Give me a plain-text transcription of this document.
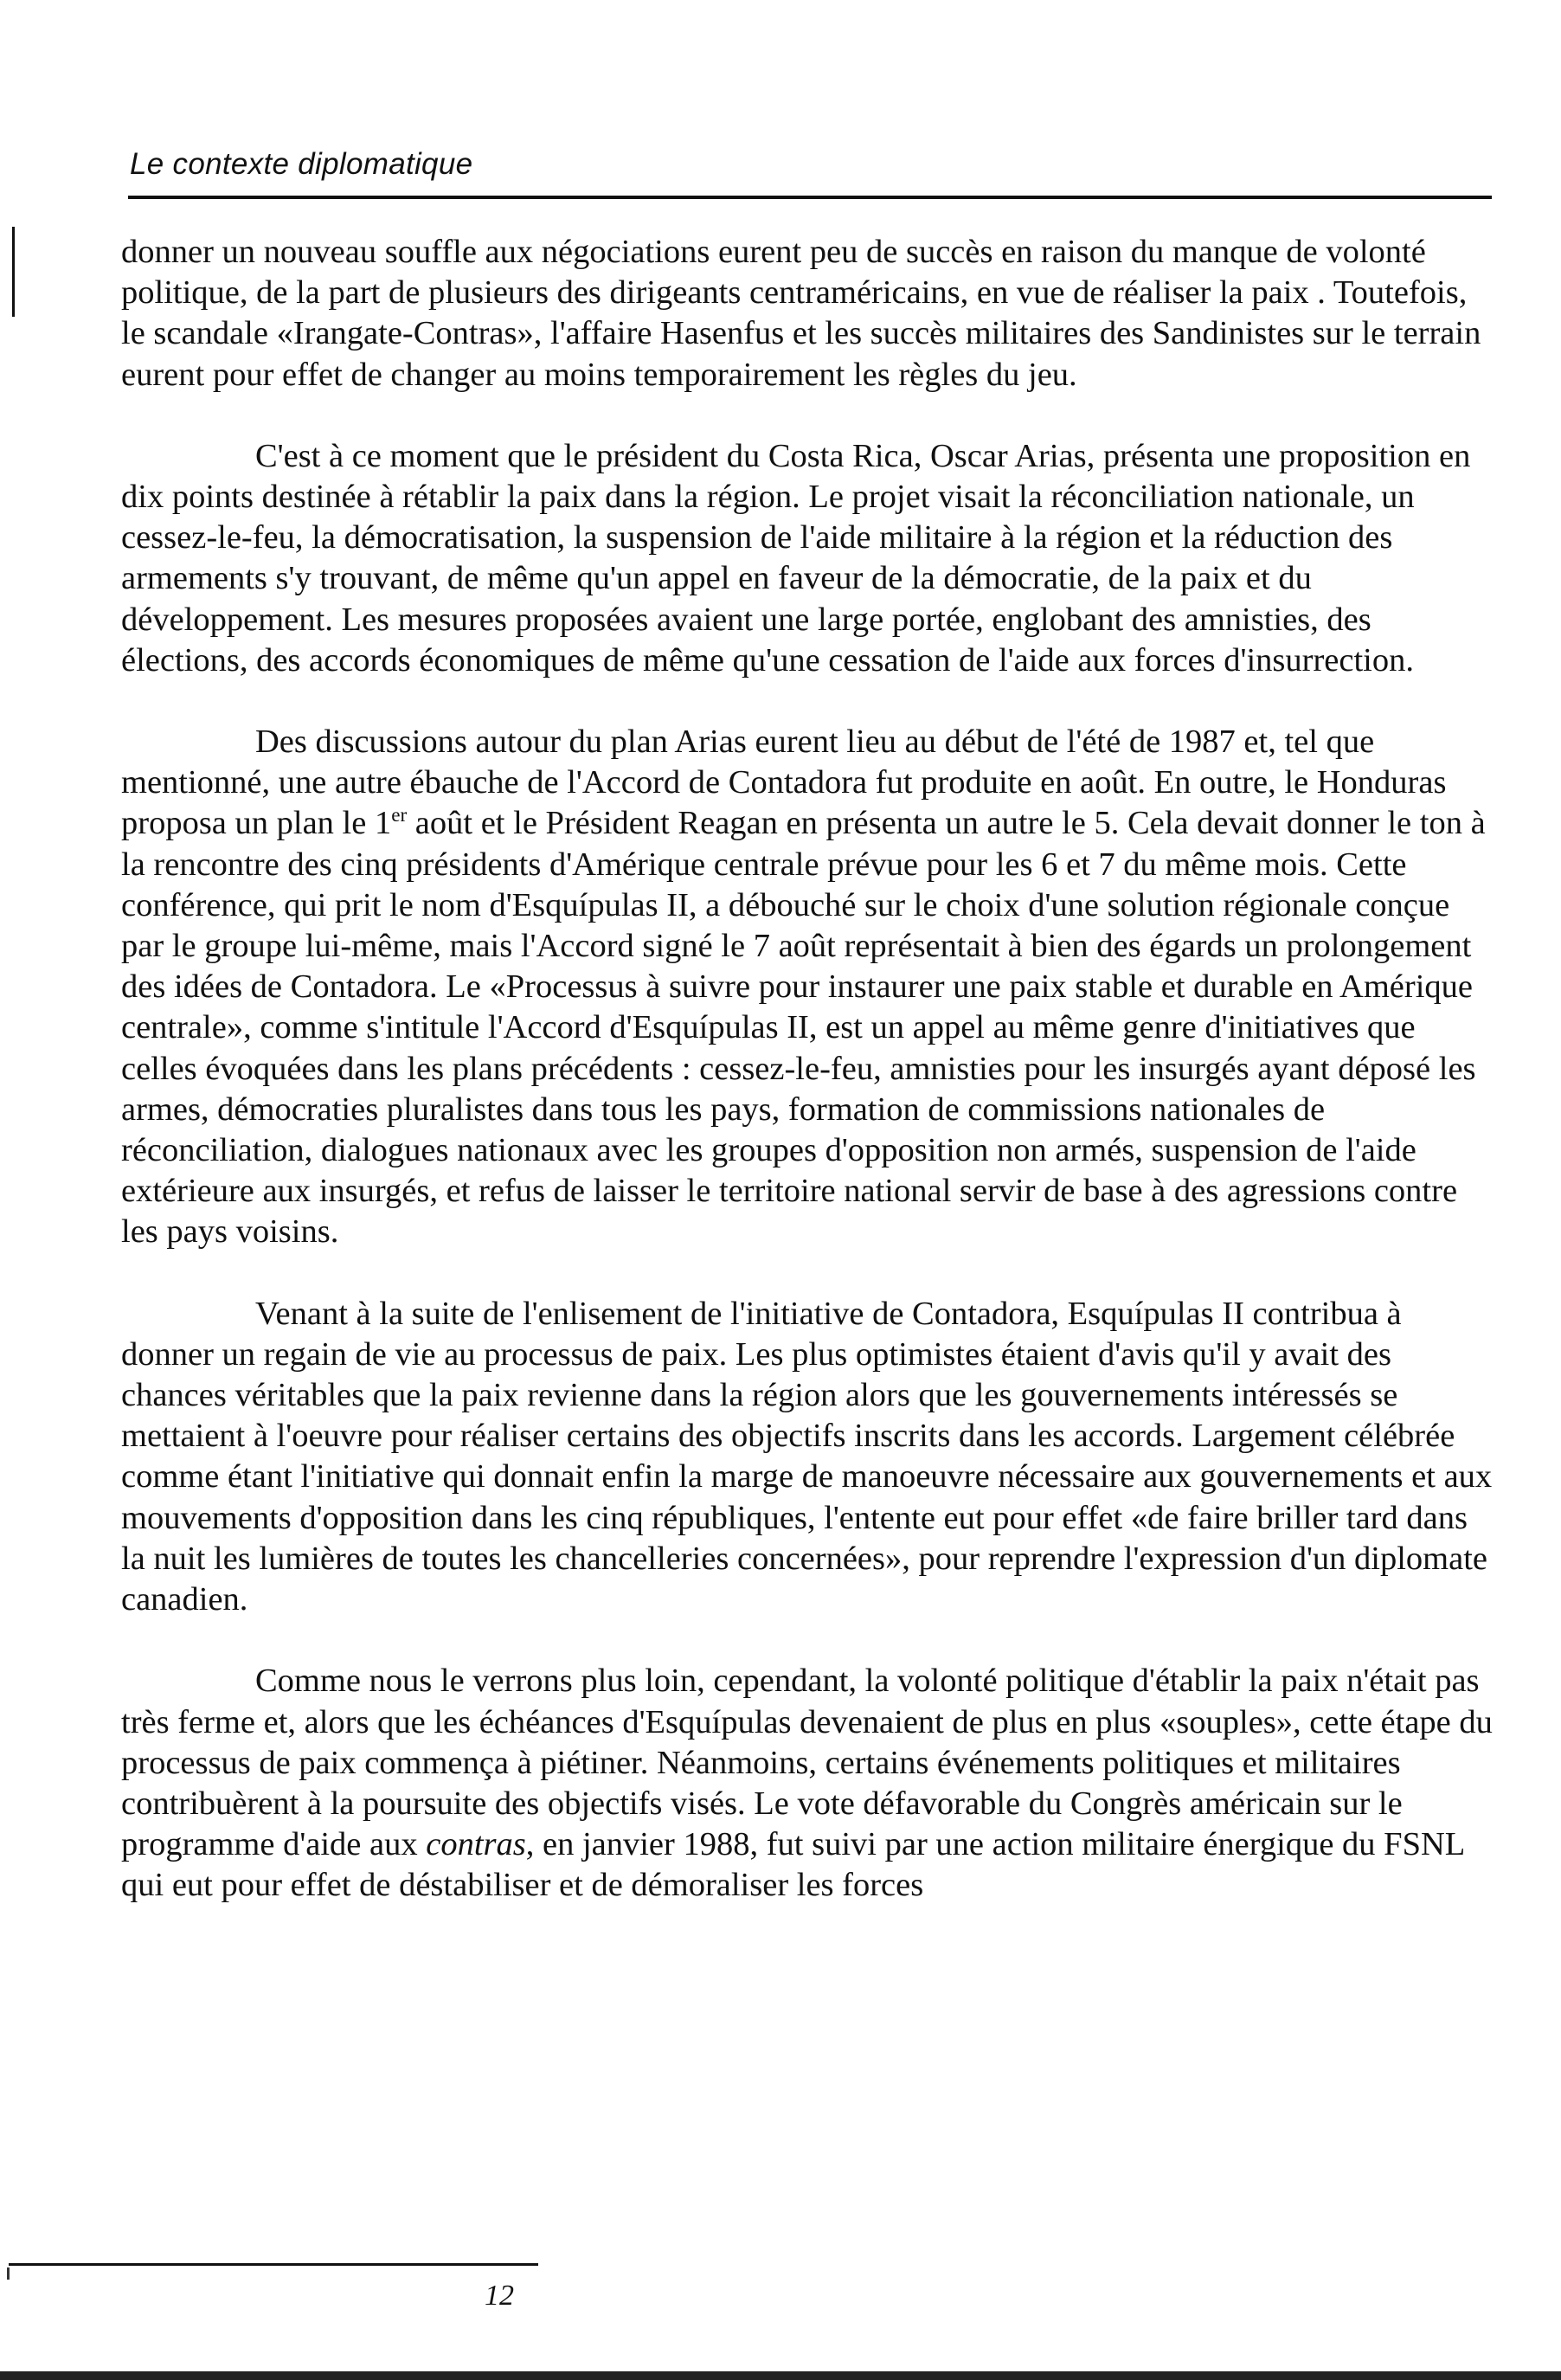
Le contexte diplomatique

donner un nouveau souffle aux négociations eurent peu de succès en raison du manque de volonté politique, de la part de plusieurs des dirigeants centraméricains, en vue de réaliser la paix . Toutefois, le scandale «Irangate-Contras», l'affaire Hasenfus et les succès militaires des Sandinistes sur le terrain eurent pour effet de changer au moins temporairement les règles du jeu.

C'est à ce moment que le président du Costa Rica, Oscar Arias, présenta une proposition en dix points destinée à rétablir la paix dans la région. Le projet visait la réconciliation nationale, un cessez-le-feu, la démocratisation, la suspension de l'aide militaire à la région et la réduction des armements s'y trouvant, de même qu'un appel en faveur de la démocratie, de la paix et du développement. Les mesures proposées avaient une large portée, englobant des amnisties, des élections, des accords économiques de même qu'une cessation de l'aide aux forces d'insurrection.

Des discussions autour du plan Arias eurent lieu au début de l'été de 1987 et, tel que mentionné, une autre ébauche de l'Accord de Contadora fut produite en août. En outre, le Honduras proposa un plan le 1er août et le Président Reagan en présenta un autre le 5. Cela devait donner le ton à la rencontre des cinq présidents d'Amérique centrale prévue pour les 6 et 7 du même mois. Cette conférence, qui prit le nom d'Esquípulas II, a débouché sur le choix d'une solution régionale conçue par le groupe lui-même, mais l'Accord signé le 7 août représentait à bien des égards un prolongement des idées de Contadora. Le «Processus à suivre pour instaurer une paix stable et durable en Amérique centrale», comme s'intitule l'Accord d'Esquípulas II, est un appel au même genre d'initiatives que celles évoquées dans les plans précédents : cessez-le-feu, amnisties pour les insurgés ayant déposé les armes, démocraties pluralistes dans tous les pays, formation de commissions nationales de réconciliation, dialogues nationaux avec les groupes d'opposition non armés, suspension de l'aide extérieure aux insurgés, et refus de laisser le territoire national servir de base à des agressions contre les pays voisins.

Venant à la suite de l'enlisement de l'initiative de Contadora, Esquípulas II contribua à donner un regain de vie au processus de paix. Les plus optimistes étaient d'avis qu'il y avait des chances véritables que la paix revienne dans la région alors que les gouvernements intéressés se mettaient à l'oeuvre pour réaliser certains des objectifs inscrits dans les accords. Largement célébrée comme étant l'initiative qui donnait enfin la marge de manoeuvre nécessaire aux gouvernements et aux mouvements d'opposition dans les cinq républiques, l'entente eut pour effet «de faire briller tard dans la nuit les lumières de toutes les chancelleries concernées», pour reprendre l'expression d'un diplomate canadien.

Comme nous le verrons plus loin, cependant, la volonté politique d'établir la paix n'était pas très ferme et, alors que les échéances d'Esquípulas devenaient de plus en plus «souples», cette étape du processus de paix commença à piétiner. Néanmoins, certains événements politiques et militaires contribuèrent à la poursuite des objectifs visés. Le vote défavorable du Congrès américain sur le programme d'aide aux contras, en janvier 1988, fut suivi par une action militaire énergique du FSNL qui eut pour effet de déstabiliser et de démoraliser les forces

12
